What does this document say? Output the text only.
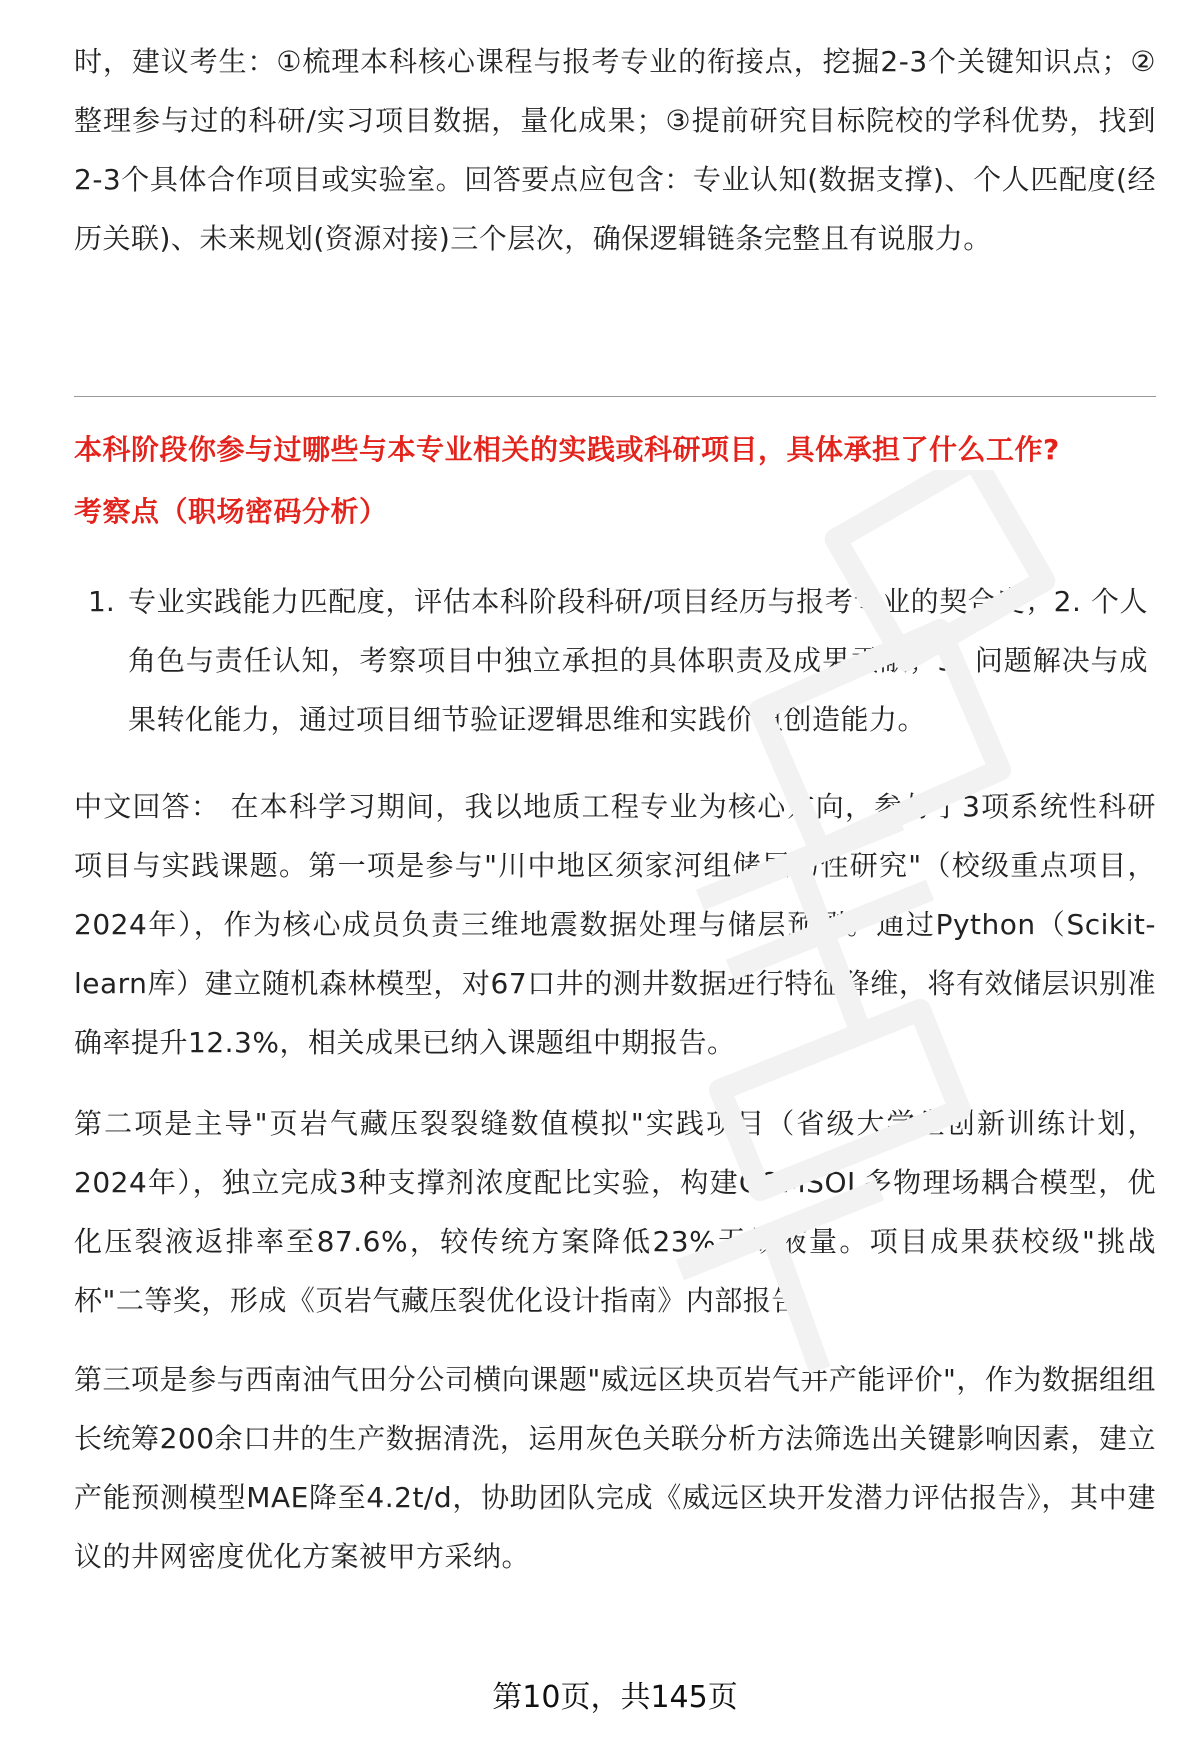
时，建议考生：①梳理本科核心课程与报考专业的衔接点，挖掘2-3个关键知识点；②整理参与过的科研/实习项目数据，量化成果；③提前研究目标院校的学科优势，找到2-3个具体合作项目或实验室。回答要点应包含：专业认知(数据支撑)、个人匹配度(经历关联)、未来规划(资源对接)三个层次，确保逻辑链条完整且有说服力。

本科阶段你参与过哪些与本专业相关的实践或科研项目，具体承担了什么工作?

考察点（职场密码分析）

1. 专业实践能力匹配度，评估本科阶段科研/项目经历与报考专业的契合度；2. 个人角色与责任认知，考察项目中独立承担的具体职责及成果贡献；3. 问题解决与成果转化能力，通过项目细节验证逻辑思维和实践价值创造能力。

中文回答： 在本科学习期间，我以地质工程专业为核心方向，参与了3项系统性科研项目与实践课题。第一项是参与"川中地区须家河组储层物性研究"（校级重点项目，2024年），作为核心成员负责三维地震数据处理与储层预测。通过Python（Scikit-learn库）建立随机森林模型，对67口井的测井数据进行特征降维，将有效储层识别准确率提升12.3%，相关成果已纳入课题组中期报告。

第二项是主导"页岩气藏压裂裂缝数值模拟"实践项目（省级大学生创新训练计划，2024年），独立完成3种支撑剂浓度配比实验，构建COMSOL多物理场耦合模型，优化压裂液返排率至87.6%，较传统方案降低23%无效液量。项目成果获校级"挑战杯"二等奖，形成《页岩气藏压裂优化设计指南》内部报告。

第三项是参与西南油气田分公司横向课题"威远区块页岩气井产能评价"，作为数据组组长统筹200余口井的生产数据清洗，运用灰色关联分析方法筛选出关键影响因素，建立产能预测模型MAE降至4.2t/d，协助团队完成《威远区块开发潜力评估报告》，其中建议的井网密度优化方案被甲方采纳。

第10页，共145页
